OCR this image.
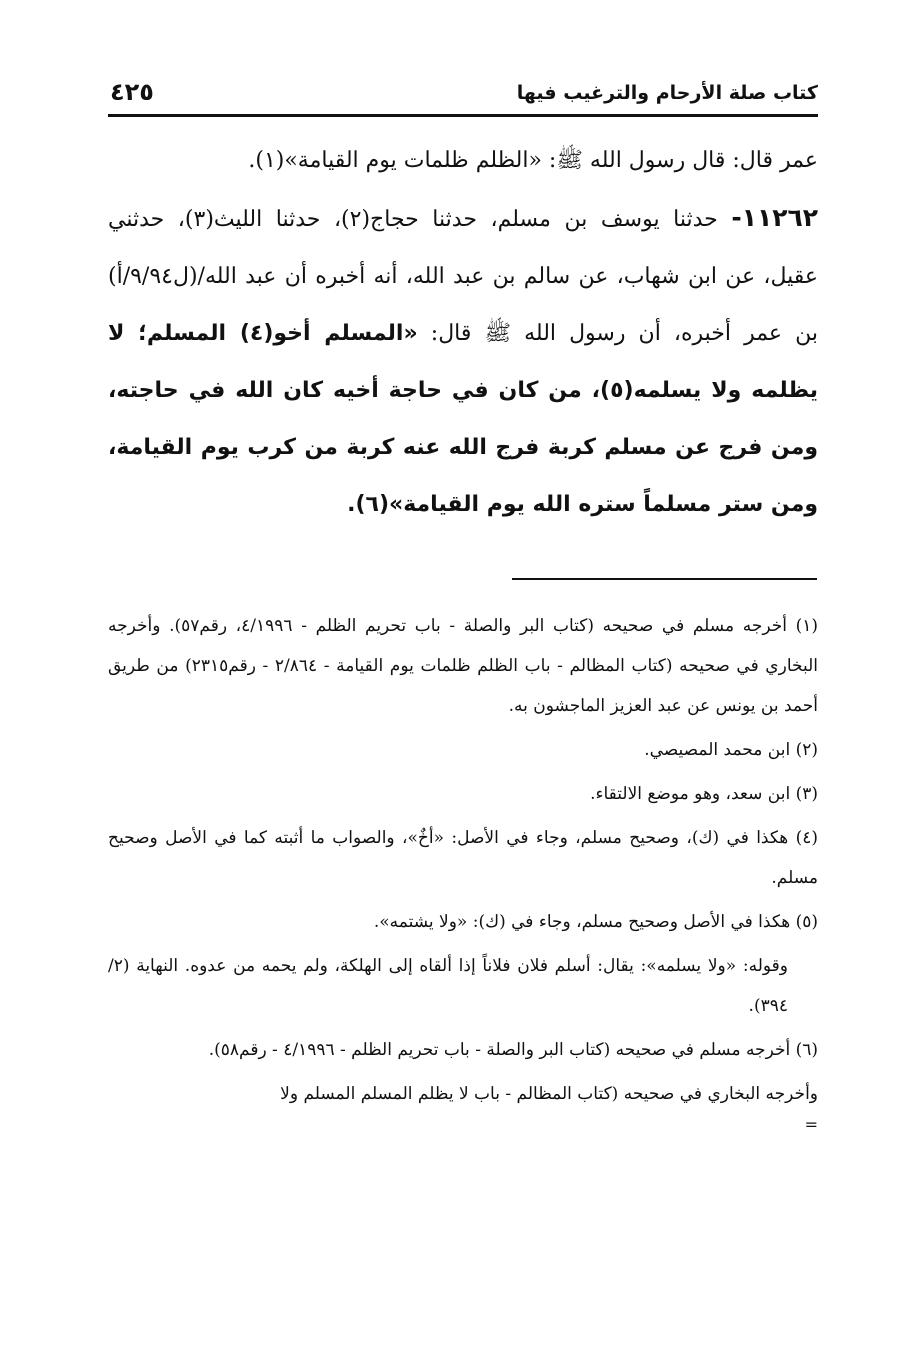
كتاب صلة الأرحام والترغيب فيها
٤٢٥

عمر قال: قال رسول الله ﷺ: «الظلم ظلمات يوم القيامة»(١).

١١٢٦٢- حدثنا يوسف بن مسلم، حدثنا حجاج(٢)، حدثنا الليث(٣)، حدثني عقيل، عن ابن شهاب، عن سالم بن عبد الله، أنه أخبره أن عبد الله/(ل٩/٩٤/أ) بن عمر أخبره، أن رسول الله ﷺ قال: «المسلم أخو(٤) المسلم؛ لا يظلمه ولا يسلمه(٥)، من كان في حاجة أخيه كان الله في حاجته، ومن فرج عن مسلم كربة فرج الله عنه كربة من كرب يوم القيامة، ومن ستر مسلماً ستره الله يوم القيامة»(٦).

(١) أخرجه مسلم في صحيحه (كتاب البر والصلة - باب تحريم الظلم - ٤/١٩٩٦، رقم٥٧). وأخرجه البخاري في صحيحه (كتاب المظالم - باب الظلم ظلمات يوم القيامة - ٢/٨٦٤ - رقم٢٣١٥) من طريق أحمد بن يونس عن عبد العزيز الماجشون به.

(٢) ابن محمد المصيصي.

(٣) ابن سعد، وهو موضع الالتقاء.

(٤) هكذا في (ك)، وصحيح مسلم، وجاء في الأصل: «أخٌ»، والصواب ما أثبته كما في الأصل وصحيح مسلم.

(٥) هكذا في الأصل وصحيح مسلم، وجاء في (ك): «ولا يشتمه».

وقوله: «ولا يسلمه»: يقال: أسلم فلان فلاناً إذا ألقاه إلى الهلكة، ولم يحمه من عدوه. النهاية (٢/ ٣٩٤).

(٦) أخرجه مسلم في صحيحه (كتاب البر والصلة - باب تحريم الظلم - ٤/١٩٩٦ - رقم٥٨).

وأخرجه البخاري في صحيحه (كتاب المظالم - باب لا يظلم المسلم المسلم ولا

=
